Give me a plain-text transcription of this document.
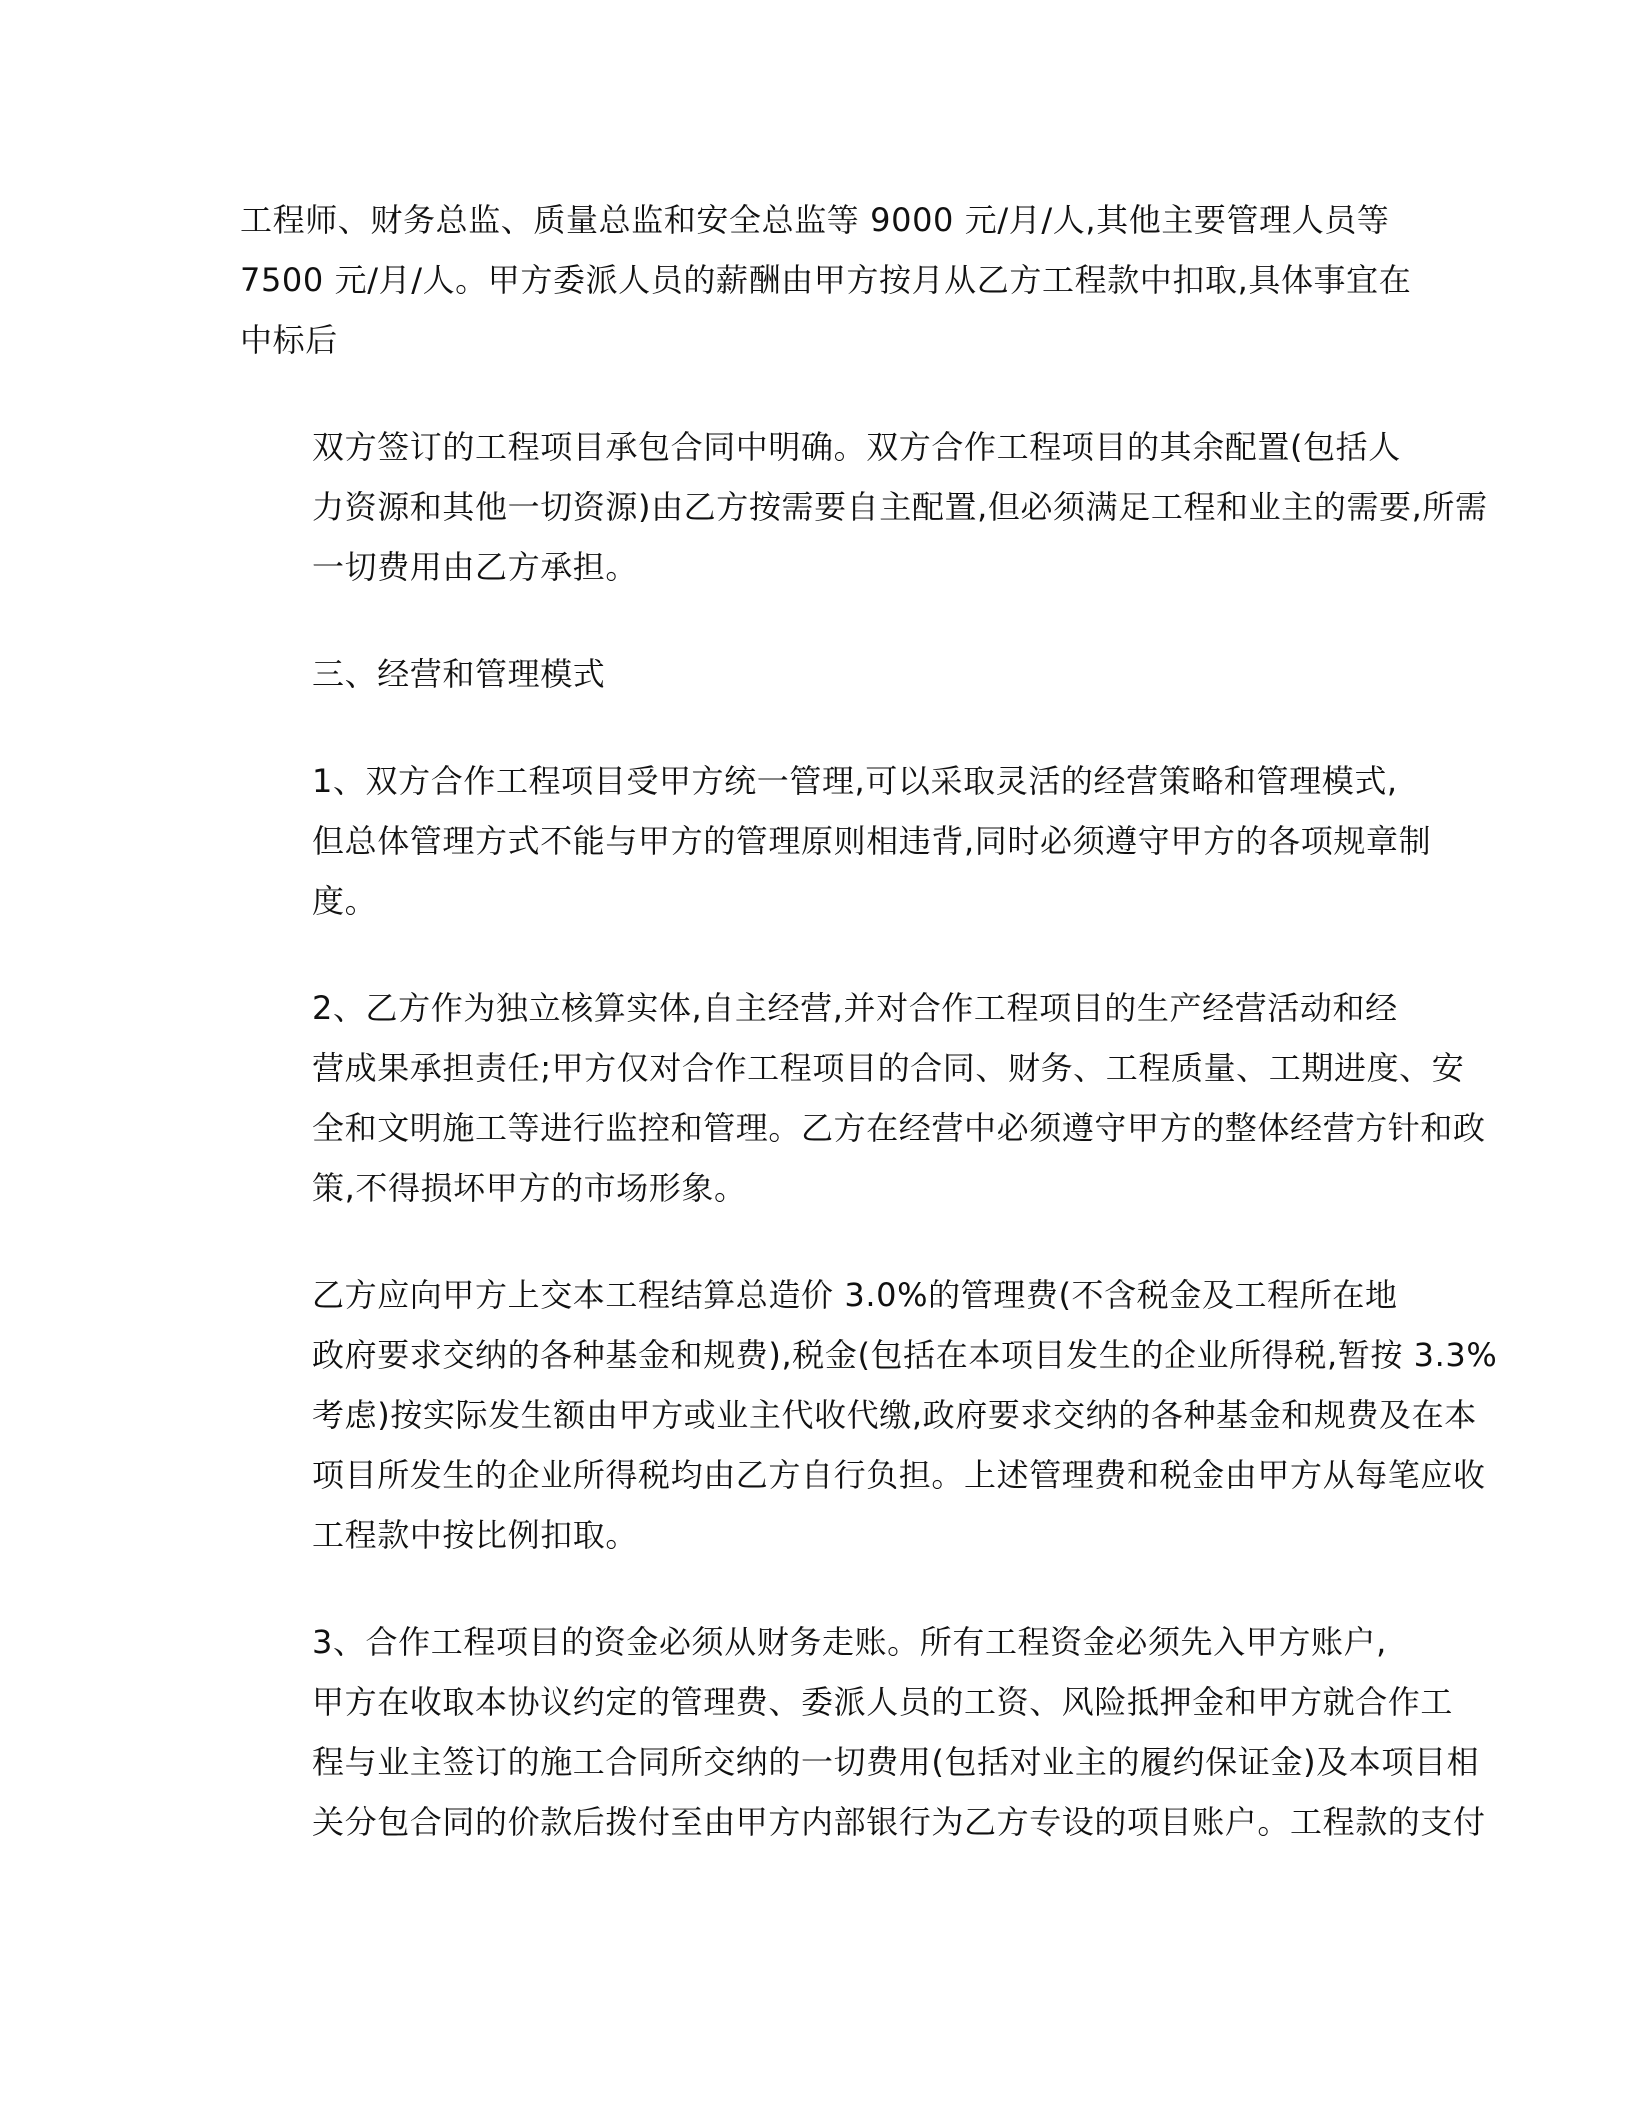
工程师、财务总监、质量总监和安全总监等 9000 元/月/人,其他主要管理人员等
7500 元/月/人。甲方委派人员的薪酬由甲方按月从乙方工程款中扣取,具体事宜在
中标后

双方签订的工程项目承包合同中明确。双方合作工程项目的其余配置(包括人
力资源和其他一切资源)由乙方按需要自主配置,但必须满足工程和业主的需要,所需
一切费用由乙方承担。

三、经营和管理模式

1、双方合作工程项目受甲方统一管理,可以采取灵活的经营策略和管理模式,
但总体管理方式不能与甲方的管理原则相违背,同时必须遵守甲方的各项规章制
度。

2、乙方作为独立核算实体,自主经营,并对合作工程项目的生产经营活动和经
营成果承担责任;甲方仅对合作工程项目的合同、财务、工程质量、工期进度、安
全和文明施工等进行监控和管理。乙方在经营中必须遵守甲方的整体经营方针和政
策,不得损坏甲方的市场形象。

乙方应向甲方上交本工程结算总造价 3.0%的管理费(不含税金及工程所在地
政府要求交纳的各种基金和规费),税金(包括在本项目发生的企业所得税,暂按 3.3%
考虑)按实际发生额由甲方或业主代收代缴,政府要求交纳的各种基金和规费及在本
项目所发生的企业所得税均由乙方自行负担。上述管理费和税金由甲方从每笔应收
工程款中按比例扣取。

3、合作工程项目的资金必须从财务走账。所有工程资金必须先入甲方账户,
甲方在收取本协议约定的管理费、委派人员的工资、风险抵押金和甲方就合作工
程与业主签订的施工合同所交纳的一切费用(包括对业主的履约保证金)及本项目相
关分包合同的价款后拨付至由甲方内部银行为乙方专设的项目账户。工程款的支付
